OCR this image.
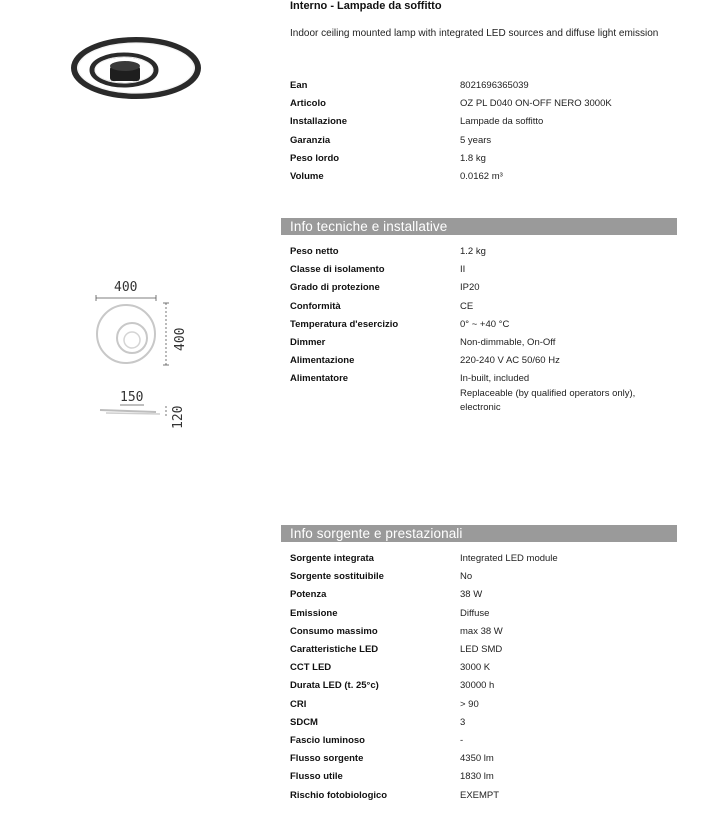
Interno - Lampade da soffitto
Indoor ceiling mounted lamp with integrated LED sources and diffuse light emission
Ean	8021696365039
Articolo	OZ PL D040 ON-OFF NERO 3000K
Installazione	Lampade da soffitto
Garanzia	5 years
Peso lordo	1.8 kg
Volume	0.0162 m³
Info tecniche e installative
Peso netto	1.2 kg
Classe di isolamento	II
Grado di protezione	IP20
Conformità	CE
Temperatura d'esercizio	0° ~ +40 °C
Dimmer	Non-dimmable, On-Off
Alimentazione	220-240 V AC 50/60 Hz
Alimentatore	In-built, included
Replaceable (by qualified operators only),
electronic
400
400
150
120
Info sorgente e prestazionali
Sorgente integrata	Integrated LED module
Sorgente sostituibile	No
Potenza	38 W
Emissione	Diffuse
Consumo massimo	max 38 W
Caratteristiche LED	LED SMD
CCT LED	3000 K
Durata LED (t. 25°c)	30000 h
CRI	> 90
SDCM	3
Fascio luminoso	-
Flusso sorgente	4350 lm
Flusso utile	1830 lm
Rischio fotobiologico	EXEMPT
